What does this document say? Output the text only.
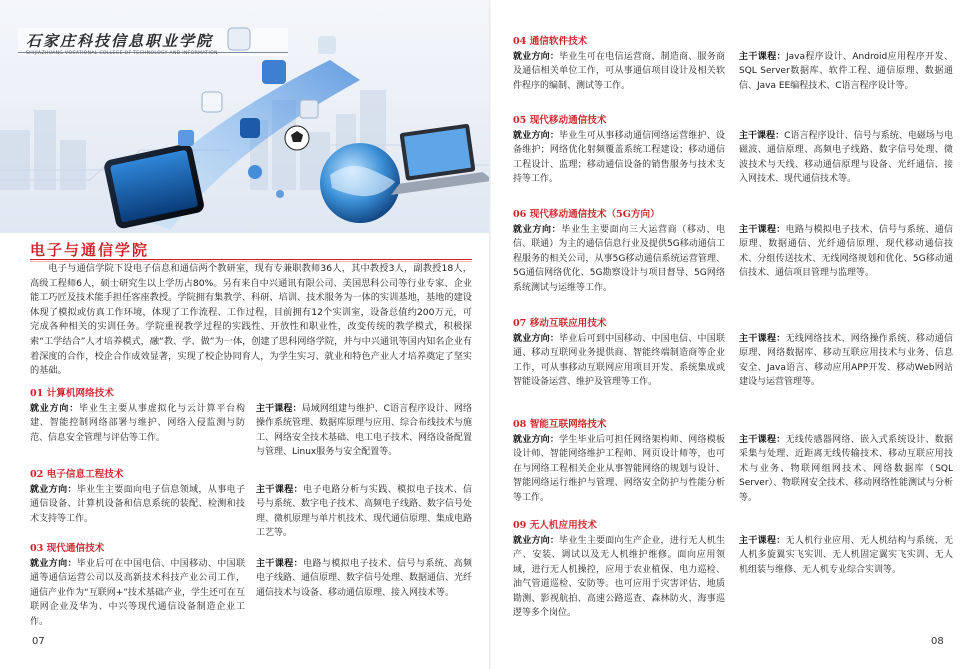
石家庄科技信息职业学院
SHIJIAZHUANG VOCATIONAL COLLEGE OF TECHNOLOGY AND INFORMATION
电子与通信学院
电子与通信学院下设电子信息和通信两个教研室，现有专兼职教师36人，其中教授3人，副教授18人，高级工程师6人，硕士研究生以上学历占80%。另有来自中兴通讯有限公司、美国思科公司等行业专家、企业能工巧匠及技术能手担任客座教授。学院拥有集教学、科研、培训、技术服务为一体的实训基地，基地的建设体现了模拟或仿真工作环境，体现了工作流程、工作过程，目前拥有12个实训室，设备总值约200万元，可完成各种相关的实训任务。学院重视教学过程的实践性、开放性和职业性，改变传统的教学模式，积极探索“工学结合”人才培养模式，融“教、学、做”为一体，创建了思科网络学院，并与中兴通讯等国内知名企业有着深度的合作，校企合作成效显著，实现了校企协同育人，为学生实习、就业和特色产业人才培养奠定了坚实的基础。
01 计算机网络技术
就业方向：毕业生主要从事虚拟化与云计算平台构建、智能控制网络部署与维护、网络入侵监测与防范、信息安全管理与评估等工作。
主干课程：局域网组建与维护、C语言程序设计、网络操作系统管理、数据库原理与应用、综合布线技术与施工、网络安全技术基础、电工电子技术、网络设备配置与管理、Linux服务与安全配置等。
02 电子信息工程技术
就业方向：毕业生主要面向电子信息领域，从事电子通信设备、计算机设备和信息系统的装配、检测和技术支持等工作。
主干课程：电子电路分析与实践、模拟电子技术、信号与系统、数字电子技术、高频电子线路、数字信号处理、微机原理与单片机技术、现代通信原理、集成电路工艺等。
03 现代通信技术
就业方向：毕业后可在中国电信、中国移动、中国联通等通信运营公司以及高新技术科技产业公司工作，通信产业作为“互联网+”技术基础产业，学生还可在互联网企业及华为、中兴等现代通信设备制造企业工作。
主干课程：电路与模拟电子技术、信号与系统、高频电子线路、通信原理、数字信号处理、数据通信、光纤通信技术与设备、移动通信原理、接入网技术等。
07
04 通信软件技术
就业方向：毕业生可在电信运营商、制造商、服务商及通信相关单位工作，可从事通信项目设计及相关软件程序的编制、测试等工作。
主干课程：Java程序设计、Android应用程序开发、SQL Server数据库、软件工程、通信原理、数据通信、Java EE编程技术、C语言程序设计等。
05 现代移动通信技术
就业方向：毕业生可从事移动通信网络运营维护、设备维护；网络优化射频覆盖系统工程建设；移动通信工程设计、监理；移动通信设备的销售服务与技术支持等工作。
主干课程：C语言程序设计、信号与系统、电磁场与电磁波、通信原理、高频电子线路、数字信号处理、微波技术与天线、移动通信原理与设备、光纤通信、接入网技术、现代通信技术等。
06 现代移动通信技术（5G方向）
就业方向：毕业生主要面向三大运营商（移动、电信、联通）为主的通信信息行业及提供5G移动通信工程服务的相关公司，从事5G移动通信系统运营管理、5G通信网络优化、5G勘察设计与项目督导、5G网络系统测试与运维等工作。
主干课程：电路与模拟电子技术、信号与系统、通信原理、数据通信、光纤通信原理、现代移动通信技术、分组传送技术、无线网络规划和优化、5G移动通信技术、通信项目管理与监理等。
07 移动互联应用技术
就业方向：毕业后可到中国移动、中国电信、中国联通、移动互联网业务提供商、智能终端制造商等企业工作，可从事移动互联网应用项目开发、系统集成或智能设备运营、维护及管理等工作。
主干课程：无线网络技术、网络操作系统、移动通信原理、网络数据库、移动互联应用技术与业务、信息安全、Java语言、移动应用APP开发、移动Web网站建设与运营管理等。
08 智能互联网络技术
就业方向：学生毕业后可担任网络架构师、网络模板设计师、智能网络维护工程师、网页设计师等，也可在与网络工程相关企业从事智能网络的规划与设计、智能网络运行维护与管理、网络安全防护与性能分析等工作。
主干课程：无线传感器网络、嵌入式系统设计、数据采集与处理、近距离无线传输技术、移动互联应用技术与业务、物联网组网技术、网络数据库（SQL Server）、物联网安全技术、移动网络性能测试与分析等。
09 无人机应用技术
就业方向：毕业生主要面向生产企业，进行无人机生产、安装、调试以及无人机维护维修。面向应用领域，进行无人机操控，应用于农业植保、电力巡检、油气管道巡检、安防等。也可应用于灾害评估、地质勘测、影视航拍、高速公路巡查、森林防火、海事巡逻等多个岗位。
主干课程：无人机行业应用、无人机结构与系统、无人机多旋翼实飞实训、无人机固定翼实飞实训、无人机组装与维修、无人机专业综合实训等。
08
